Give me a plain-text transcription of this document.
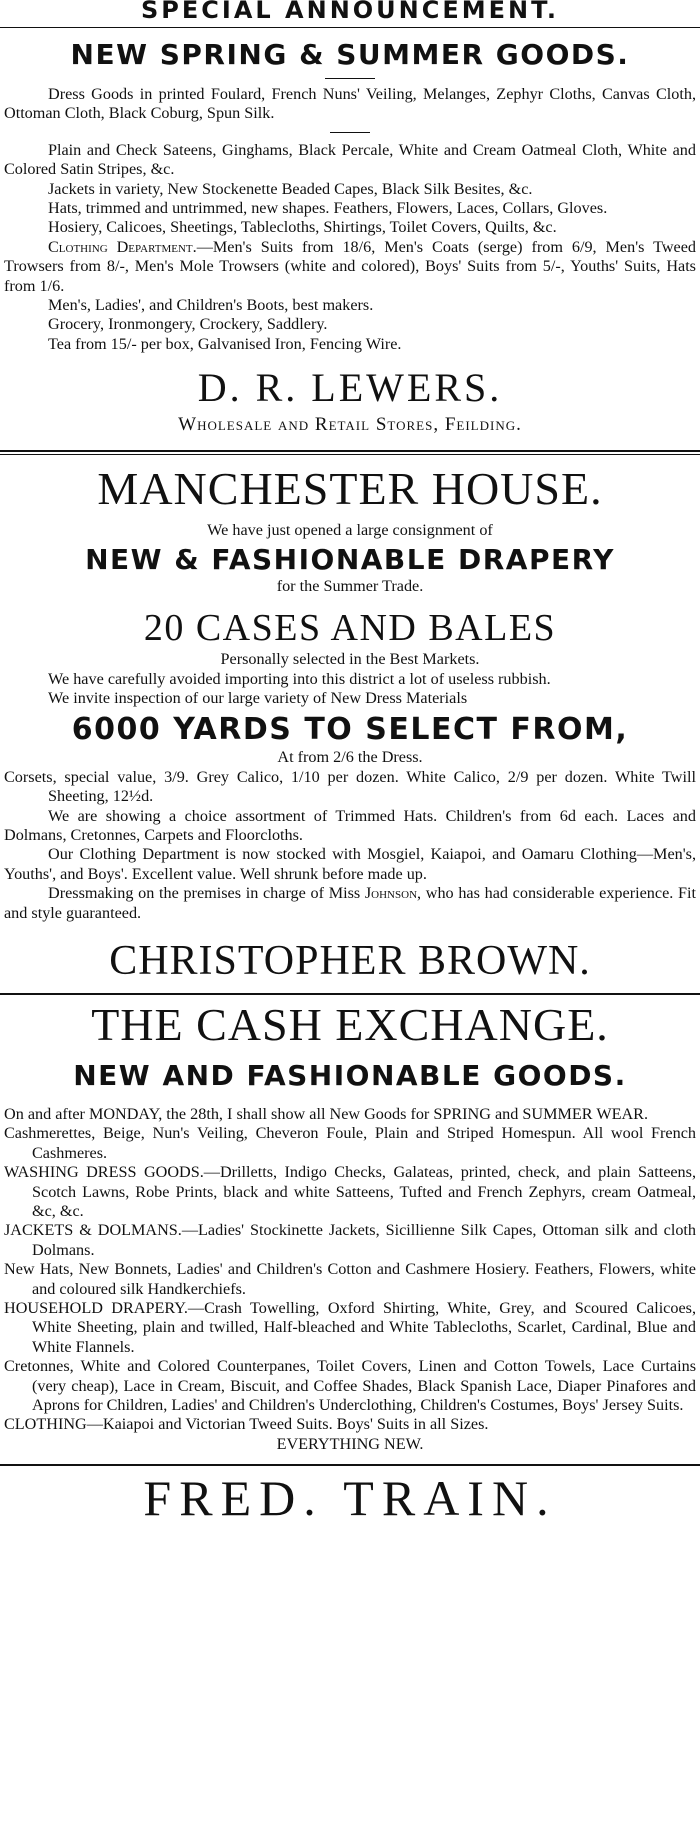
SPECIAL ANNOUNCEMENT.
NEW SPRING & SUMMER GOODS.

Dress Goods in printed Foulard, French Nuns' Veiling, Melanges, Zephyr Cloths, Canvas Cloth, Ottoman Cloth, Black Coburg, Spun Silk.

Plain and Check Sateens, Ginghams, Black Percale, White and Cream Oatmeal Cloth, White and Colored Satin Stripes, &c.

Jackets in variety, New Stockenette Beaded Capes, Black Silk Besites, &c.

Hats, trimmed and untrimmed, new shapes. Feathers, Flowers, Laces, Collars, Gloves.

Hosiery, Calicoes, Sheetings, Tablecloths, Shirtings, Toilet Covers, Quilts, &c.

Clothing Department.—Men's Suits from 18/6, Men's Coats (serge) from 6/9, Men's Tweed Trowsers from 8/-, Men's Mole Trowsers (white and colored), Boys' Suits from 5/-, Youths' Suits, Hats from 1/6.

Men's, Ladies', and Children's Boots, best makers.

Grocery, Ironmongery, Crockery, Saddlery.

Tea from 15/- per box, Galvanised Iron, Fencing Wire.

D. R. LEWERS.
Wholesale and Retail Stores, Feilding.
MANCHESTER HOUSE.
We have just opened a large consignment of
NEW & FASHIONABLE DRAPERY
for the Summer Trade.
20 CASES AND BALES

Personally selected in the Best Markets.

We have carefully avoided importing into this district a lot of useless rubbish.

We invite inspection of our large variety of New Dress Materials

6000 YARDS TO SELECT FROM,

At from 2/6 the Dress.

Corsets, special value, 3/9. Grey Calico, 1/10 per dozen. White Calico, 2/9 per dozen. White Twill Sheeting, 12½d.

We are showing a choice assortment of Trimmed Hats. Children's from 6d each. Laces and Dolmans, Cretonnes, Carpets and Floorcloths.

Our Clothing Department is now stocked with Mosgiel, Kaiapoi, and Oamaru Clothing—Men's, Youths', and Boys'. Excellent value. Well shrunk before made up.

Dressmaking on the premises in charge of Miss Johnson, who has had considerable experience. Fit and style guaranteed.

CHRISTOPHER BROWN.
THE CASH EXCHANGE.
NEW AND FASHIONABLE GOODS.

On and after MONDAY, the 28th, I shall show all New Goods for SPRING and SUMMER WEAR.

Cashmerettes, Beige, Nun's Veiling, Cheveron Foule, Plain and Striped Homespun. All wool French Cashmeres.

WASHING DRESS GOODS.—Drilletts, Indigo Checks, Galateas, printed, check, and plain Satteens, Scotch Lawns, Robe Prints, black and white Satteens, Tufted and French Zephyrs, cream Oatmeal, &c, &c.

JACKETS & DOLMANS.—Ladies' Stockinette Jackets, Sicillienne Silk Capes, Ottoman silk and cloth Dolmans.

New Hats, New Bonnets, Ladies' and Children's Cotton and Cashmere Hosiery. Feathers, Flowers, white and coloured silk Handkerchiefs.

HOUSEHOLD DRAPERY.—Crash Towelling, Oxford Shirting, White, Grey, and Scoured Calicoes, White Sheeting, plain and twilled, Half-bleached and White Tablecloths, Scarlet, Cardinal, Blue and White Flannels.

Cretonnes, White and Colored Counterpanes, Toilet Covers, Linen and Cotton Towels, Lace Curtains (very cheap), Lace in Cream, Biscuit, and Coffee Shades, Black Spanish Lace, Diaper Pinafores and Aprons for Children, Ladies' and Children's Underclothing, Children's Costumes, Boys' Jersey Suits.

CLOTHING—Kaiapoi and Victorian Tweed Suits. Boys' Suits in all Sizes.

EVERYTHING NEW.

FRED. TRAIN.
